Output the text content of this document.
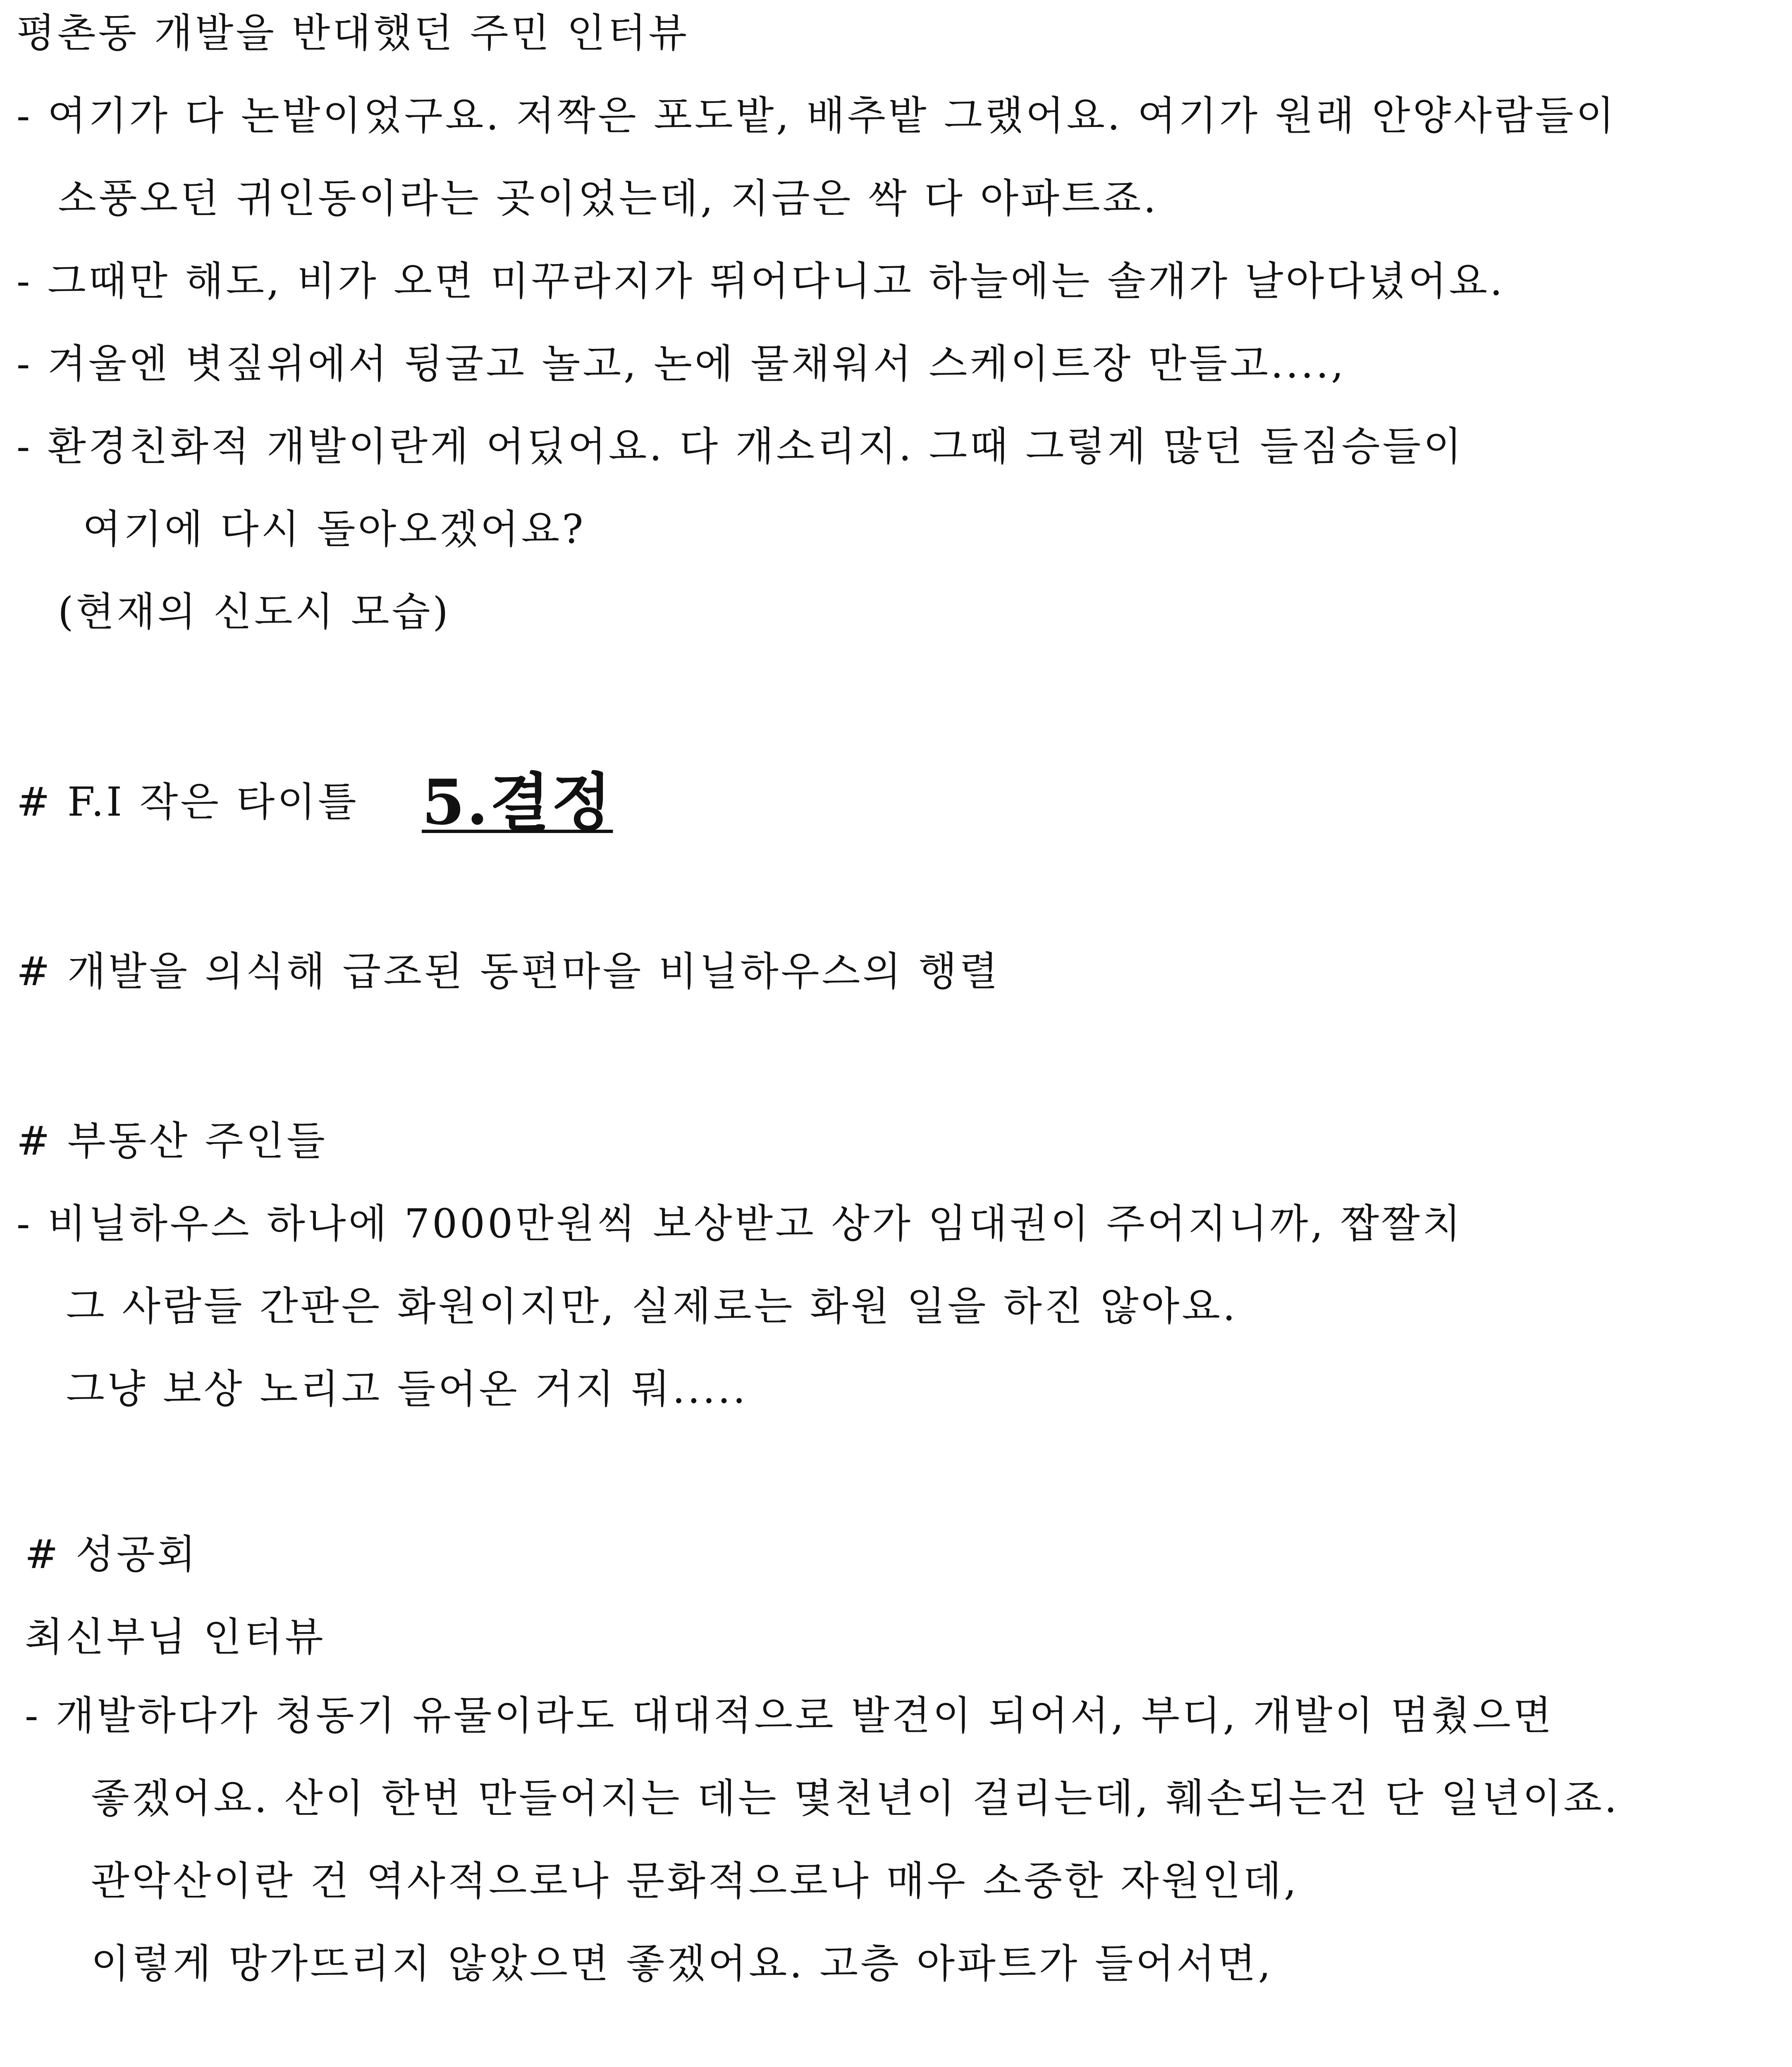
평촌동 개발을 반대했던 주민 인터뷰
- 여기가 다 논밭이었구요. 저짝은 포도밭, 배추밭 그랬어요. 여기가 원래 안양사람들이
소풍오던 귀인동이라는 곳이었는데, 지금은 싹 다 아파트죠.
- 그때만 해도, 비가 오면 미꾸라지가 뛰어다니고 하늘에는 솔개가 날아다녔어요.
- 겨울엔 볏짚위에서 뒹굴고 놀고, 논에 물채워서 스케이트장 만들고....,
- 환경친화적 개발이란게 어딨어요. 다 개소리지. 그때 그렇게 많던 들짐승들이
여기에 다시 돌아오겠어요?
(현재의 신도시 모습)
# F.I 작은 타이틀 5.결정
# 개발을 의식해 급조된 동편마을 비닐하우스의 행렬
# 부동산 주인들
- 비닐하우스 하나에 7000만원씩 보상받고 상가 임대권이 주어지니까, 짭짤치
그 사람들 간판은 화원이지만, 실제로는 화원 일을 하진 않아요.
그냥 보상 노리고 들어온 거지 뭐.....
# 성공회
최신부님 인터뷰
- 개발하다가 청동기 유물이라도 대대적으로 발견이 되어서, 부디, 개발이 멈췄으면
좋겠어요. 산이 한번 만들어지는 데는 몇천년이 걸리는데, 훼손되는건 단 일년이죠.
관악산이란 건 역사적으로나 문화적으로나 매우 소중한 자원인데,
이렇게 망가뜨리지 않았으면 좋겠어요. 고층 아파트가 들어서면,
